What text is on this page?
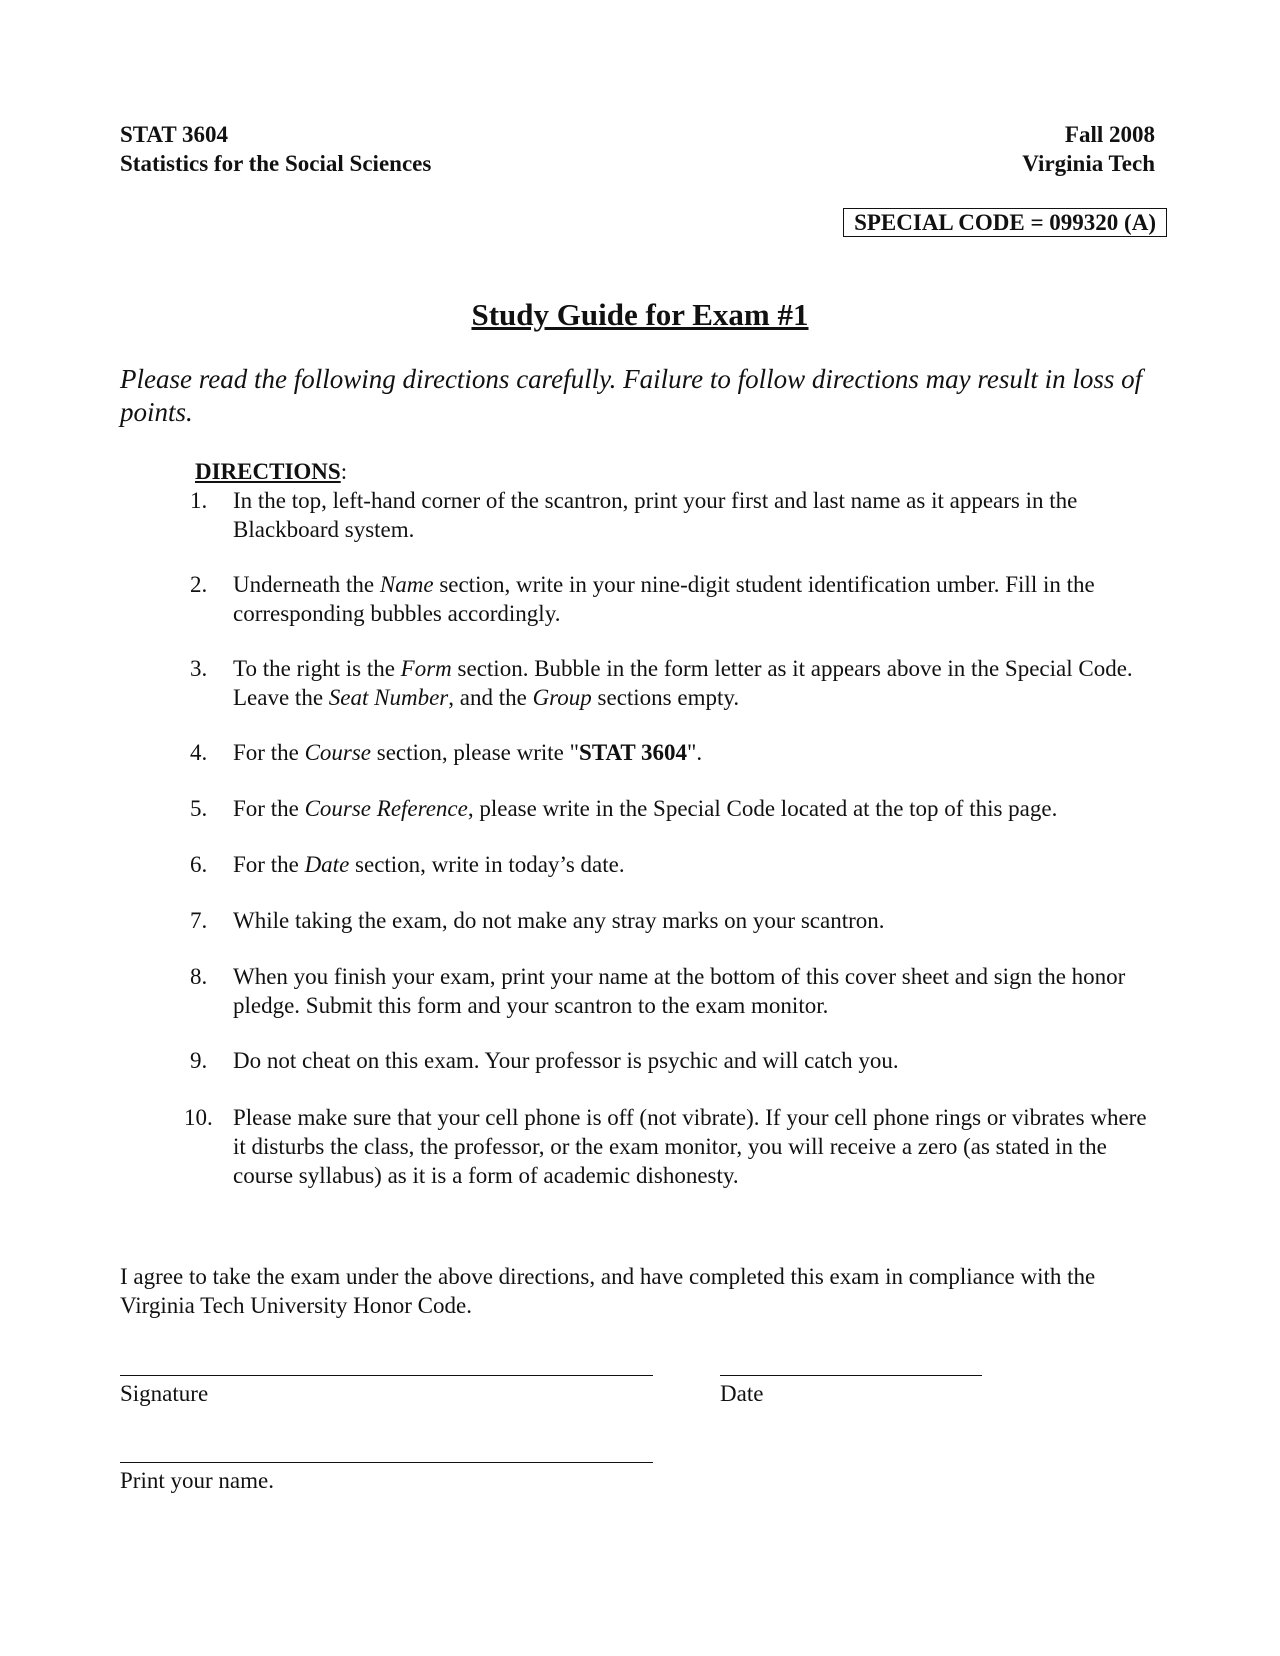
STAT 3604
Statistics for the Social Sciences
Fall 2008
Virginia Tech
SPECIAL CODE = 099320 (A)
Study Guide for Exam #1
Please read the following directions carefully. Failure to follow directions may result in loss of points.
DIRECTIONS:
1. In the top, left-hand corner of the scantron, print your first and last name as it appears in the Blackboard system.
2. Underneath the Name section, write in your nine-digit student identification umber. Fill in the corresponding bubbles accordingly.
3. To the right is the Form section. Bubble in the form letter as it appears above in the Special Code. Leave the Seat Number, and the Group sections empty.
4. For the Course section, please write "STAT 3604".
5. For the Course Reference, please write in the Special Code located at the top of this page.
6. For the Date section, write in today’s date.
7. While taking the exam, do not make any stray marks on your scantron.
8. When you finish your exam, print your name at the bottom of this cover sheet and sign the honor pledge. Submit this form and your scantron to the exam monitor.
9. Do not cheat on this exam. Your professor is psychic and will catch you.
10. Please make sure that your cell phone is off (not vibrate). If your cell phone rings or vibrates where it disturbs the class, the professor, or the exam monitor, you will receive a zero (as stated in the course syllabus) as it is a form of academic dishonesty.
I agree to take the exam under the above directions, and have completed this exam in compliance with the Virginia Tech University Honor Code.
Signature	Date
Print your name.
